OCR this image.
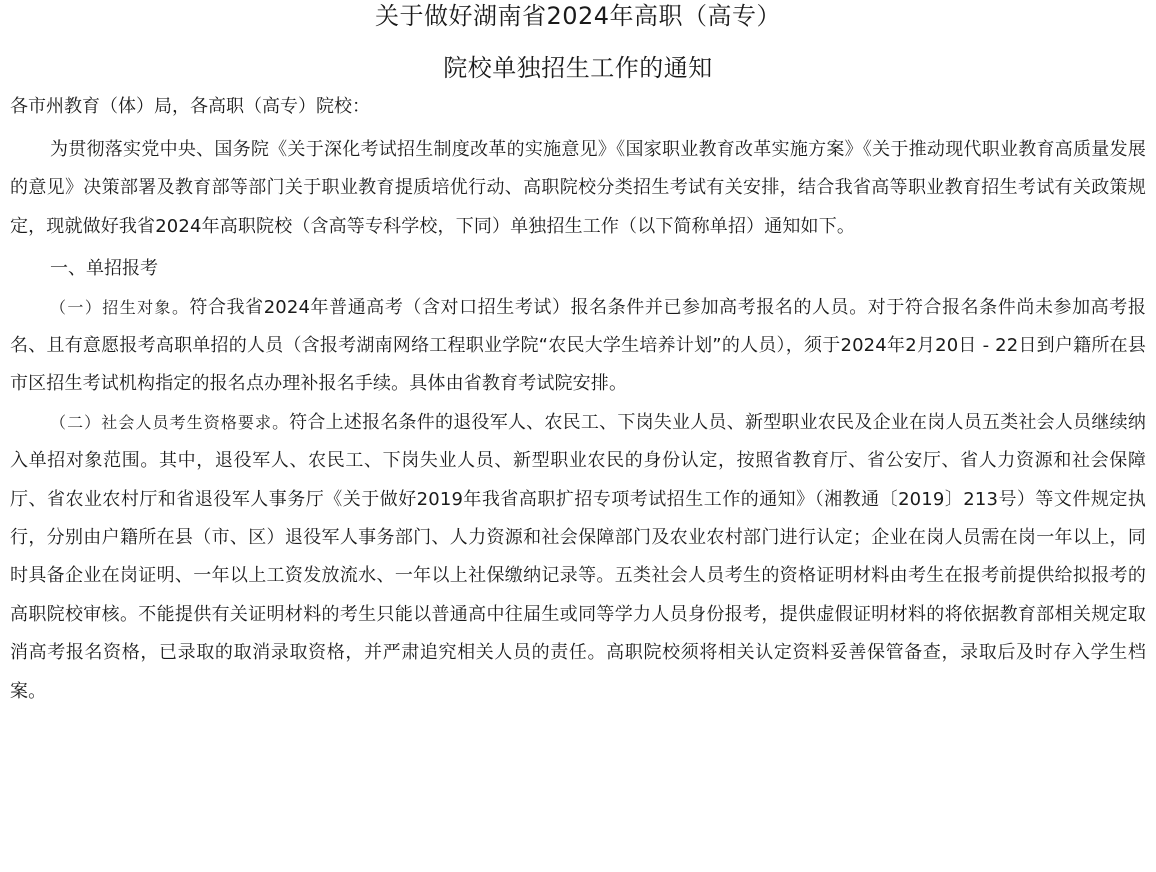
关于做好湖南省2024年高职（高专）
院校单独招生工作的通知
各市州教育（体）局，各高职（高专）院校：

为贯彻落实党中央、国务院《关于深化考试招生制度改革的实施意见》《国家职业教育改革实施方案》《关于推动现代职业教育高质量发展的意见》决策部署及教育部等部门关于职业教育提质培优行动、高职院校分类招生考试有关安排，结合我省高等职业教育招生考试有关政策规定，现就做好我省2024年高职院校（含高等专科学校，下同）单独招生工作（以下简称单招）通知如下。

一、单招报考

（一）招生对象。符合我省2024年普通高考（含对口招生考试）报名条件并已参加高考报名的人员。对于符合报名条件尚未参加高考报名、且有意愿报考高职单招的人员（含报考湖南网络工程职业学院“农民大学生培养计划”的人员），须于2024年2月20日 - 22日到户籍所在县市区招生考试机构指定的报名点办理补报名手续。具体由省教育考试院安排。

（二）社会人员考生资格要求。符合上述报名条件的退役军人、农民工、下岗失业人员、新型职业农民及企业在岗人员五类社会人员继续纳入单招对象范围。其中，退役军人、农民工、下岗失业人员、新型职业农民的身份认定，按照省教育厅、省公安厅、省人力资源和社会保障厅、省农业农村厅和省退役军人事务厅《关于做好2019年我省高职扩招专项考试招生工作的通知》（湘教通〔2019〕213号）等文件规定执行，分别由户籍所在县（市、区）退役军人事务部门、人力资源和社会保障部门及农业农村部门进行认定；企业在岗人员需在岗一年以上，同时具备企业在岗证明、一年以上工资发放流水、一年以上社保缴纳记录等。五类社会人员考生的资格证明材料由考生在报考前提供给拟报考的高职院校审核。不能提供有关证明材料的考生只能以普通高中往届生或同等学力人员身份报考，提供虚假证明材料的将依据教育部相关规定取消高考报名资格，已录取的取消录取资格，并严肃追究相关人员的责任。高职院校须将相关认定资料妥善保管备查，录取后及时存入学生档案。
